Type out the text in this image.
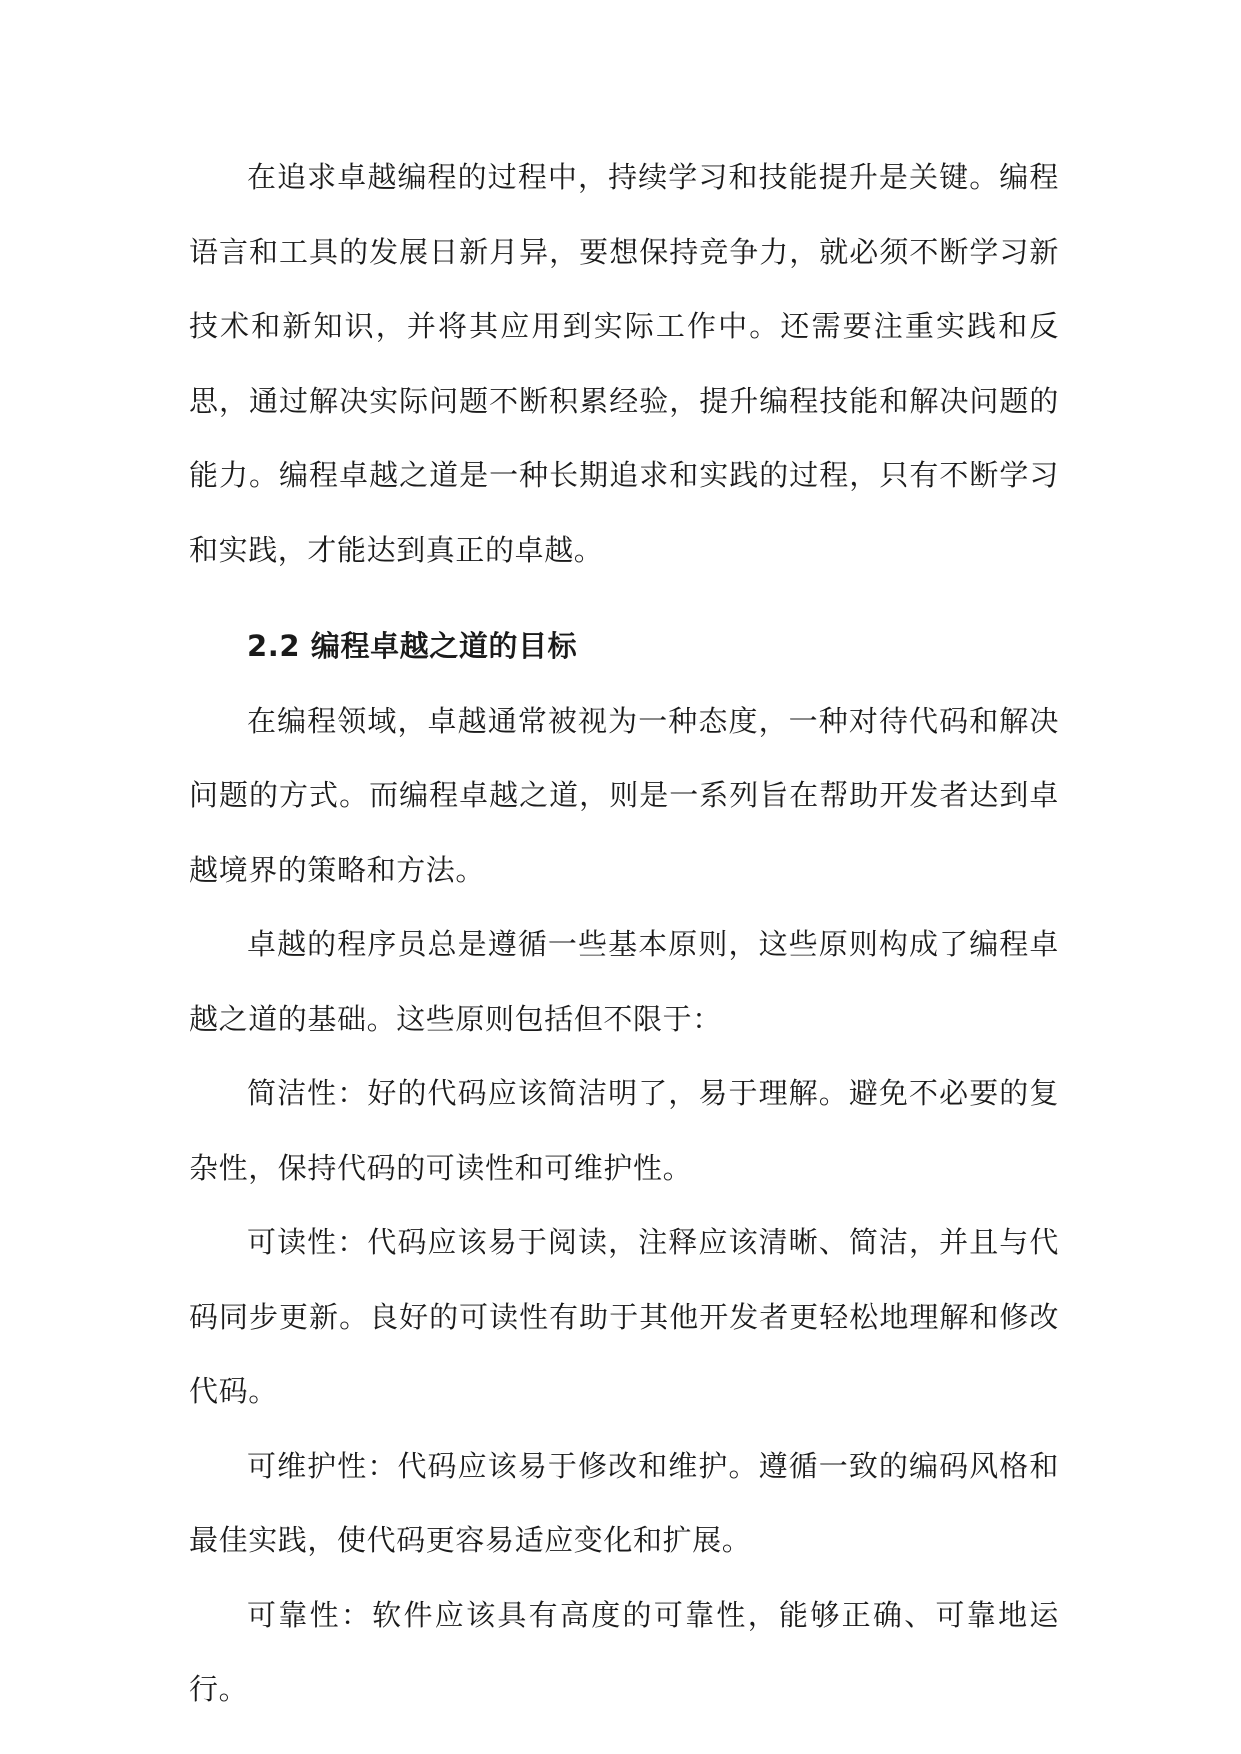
在追求卓越编程的过程中，持续学习和技能提升是关键。编程语言和工具的发展日新月异，要想保持竞争力，就必须不断学习新技术和新知识，并将其应用到实际工作中。还需要注重实践和反思，通过解决实际问题不断积累经验，提升编程技能和解决问题的能力。编程卓越之道是一种长期追求和实践的过程，只有不断学习和实践，才能达到真正的卓越。

2.2 编程卓越之道的目标

在编程领域，卓越通常被视为一种态度，一种对待代码和解决问题的方式。而编程卓越之道，则是一系列旨在帮助开发者达到卓越境界的策略和方法。

卓越的程序员总是遵循一些基本原则，这些原则构成了编程卓越之道的基础。这些原则包括但不限于：

简洁性：好的代码应该简洁明了，易于理解。避免不必要的复杂性，保持代码的可读性和可维护性。

可读性：代码应该易于阅读，注释应该清晰、简洁，并且与代码同步更新。良好的可读性有助于其他开发者更轻松地理解和修改代码。

可维护性：代码应该易于修改和维护。遵循一致的编码风格和最佳实践，使代码更容易适应变化和扩展。

可靠性：软件应该具有高度的可靠性，能够正确、可靠地运行。
